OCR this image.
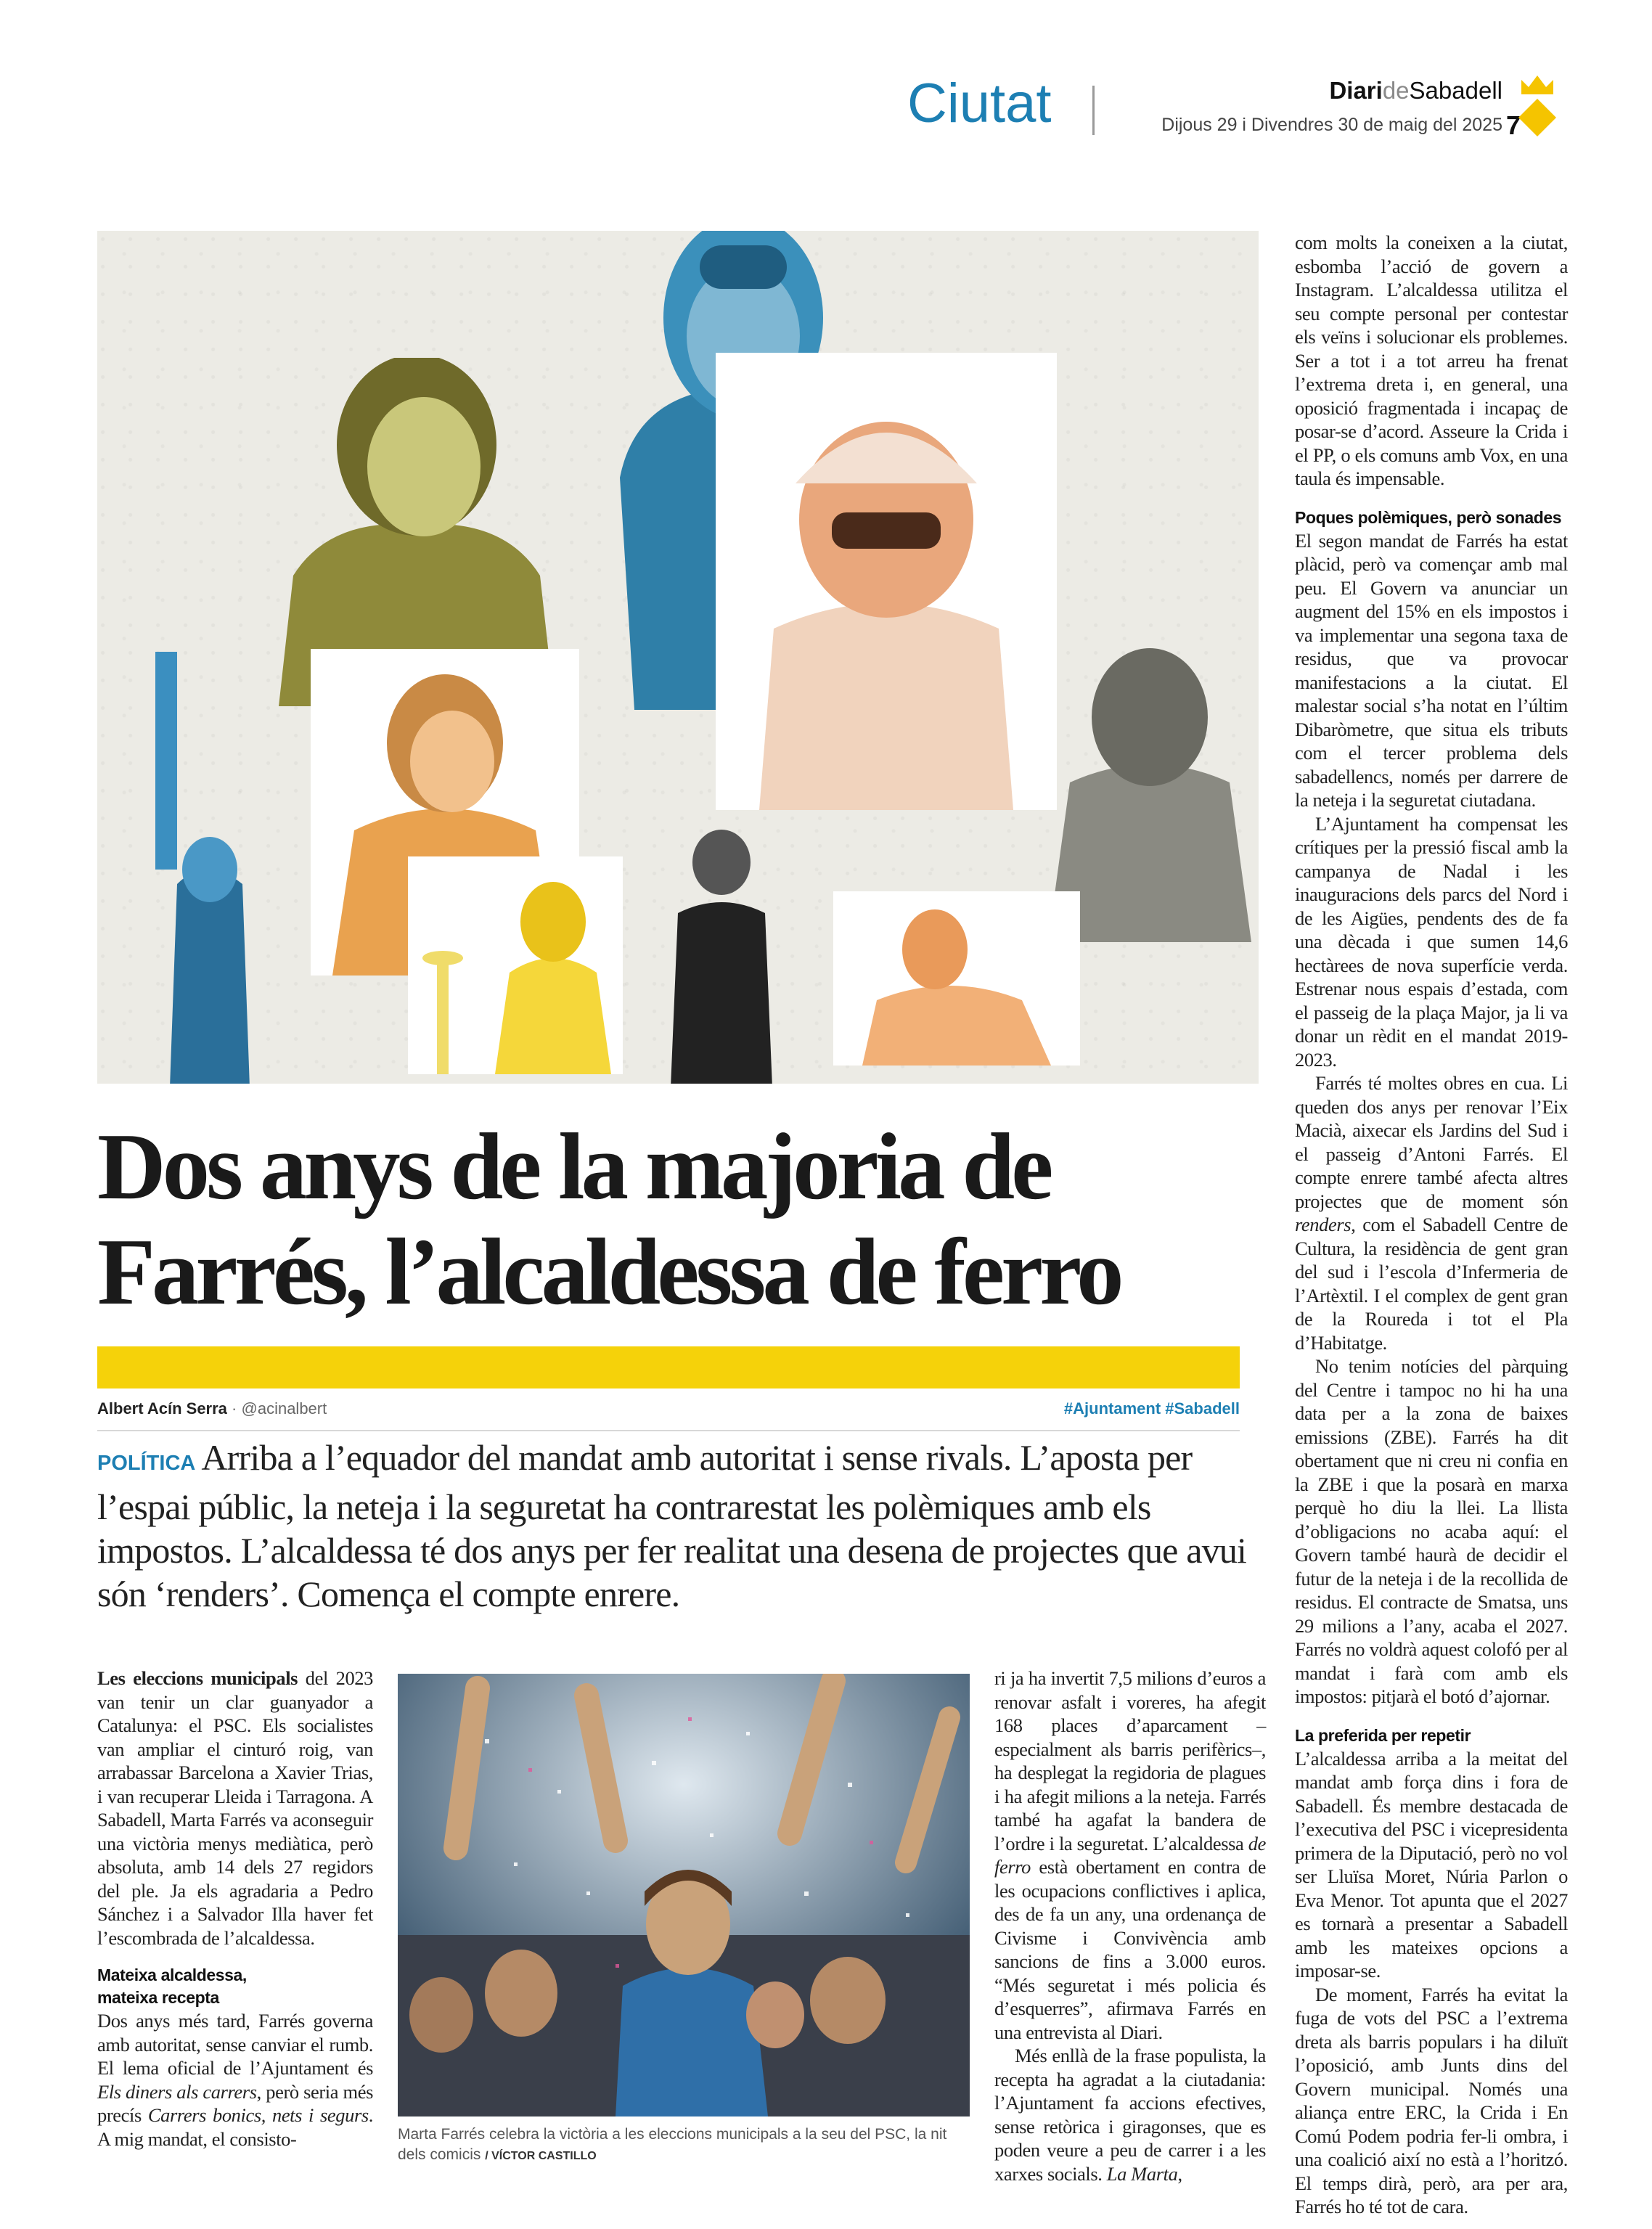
Ciutat	DiarideSabadell
Dijous 29 i Divendres 30 de maig del 2025 7
Dos anys de la majoria de Farrés, l’alcaldessa de ferro
Albert Acín Serra · @acinalbert	#Ajuntament #Sabadell

POLÍTICA Arriba a l’equador del mandat amb autoritat i sense rivals. L’aposta per l’espai públic, la neteja i la seguretat ha contrarestat les polèmiques amb els impostos. L’alcaldessa té dos anys per fer realitat una desena de projectes que avui són ‘renders’. Comença el compte enrere.

Les eleccions municipals del 2023 van tenir un clar guanyador a Catalunya: el PSC. Els socialistes van ampliar el cinturó roig, van arrabassar Barcelona a Xavier Trias, i van recuperar Lleida i Tarragona. A Sabadell, Marta Farrés va aconseguir una victòria menys mediàtica, però absoluta, amb 14 dels 27 regidors del ple. Ja els agradaria a Pedro Sánchez i a Salvador Illa haver fet l’escombrada de l’alcaldessa.

Mateixa alcaldessa,
mateixa recepta

Dos anys més tard, Farrés governa amb autoritat, sense canviar el rumb. El lema oficial de l’Ajuntament és Els diners als carrers, però seria més precís Carrers bonics, nets i segurs. A mig mandat, el consisto-	Marta Farrés celebra la victòria a les eleccions municipals a la seu del PSC, la nit dels comicis / VÍCTOR CASTILLO

ri ja ha invertit 7,5 milions d’euros a renovar asfalt i voreres, ha afegit 168 places d’aparcament –especialment als barris perifèrics–, ha desplegat la regidoria de plagues i ha afegit milions a la neteja. Farrés també ha agafat la bandera de l’ordre i la seguretat. L’alcaldessa de ferro està obertament en contra de les ocupacions conflictives i aplica, des de fa un any, una ordenança de Civisme i Convivència amb sancions de fins a 3.000 euros. “Més seguretat i més policia és d’esquerres”, afirmava Farrés en una entrevista al Diari.

Més enllà de la frase populista, la recepta ha agradat a la ciutadania: l’Ajuntament fa accions efectives, sense retòrica i giragonses, que es poden veure a peu de carrer i a les xarxes socials. La Marta,

com molts la coneixen a la ciutat, esbomba l’acció de govern a Instagram. L’alcaldessa utilitza el seu compte personal per contestar els veïns i solucionar els problemes. Ser a tot i a tot arreu ha frenat l’extrema dreta i, en general, una oposició fragmentada i incapaç de posar-se d’acord. Asseure la Crida i el PP, o els comuns amb Vox, en una taula és impensable.

Poques polèmiques, però sonades

El segon mandat de Farrés ha estat plàcid, però va començar amb mal peu. El Govern va anunciar un augment del 15% en els impostos i va implementar una segona taxa de residus, que va provocar manifestacions a la ciutat. El malestar social s’ha notat en l’últim Dibaròmetre, que situa els tributs com el tercer problema dels sabadellencs, només per darrere de la neteja i la seguretat ciutadana.

L’Ajuntament ha compensat les crítiques per la pressió fiscal amb la campanya de Nadal i les inauguracions dels parcs del Nord i de les Aigües, pendents des de fa una dècada i que sumen 14,6 hectàrees de nova superfície verda. Estrenar nous espais d’estada, com el passeig de la plaça Major, ja li va donar un rèdit en el mandat 2019-2023.

Farrés té moltes obres en cua. Li queden dos anys per renovar l’Eix Macià, aixecar els Jardins del Sud i el passeig d’Antoni Farrés. El compte enrere també afecta altres projectes que de moment són renders, com el Sabadell Centre de Cultura, la residència de gent gran del sud i l’escola d’Infermeria de l’Artèxtil. I el complex de gent gran de la Roureda i tot el Pla d’Habitatge.

No tenim notícies del pàrquing del Centre i tampoc no hi ha una data per a la zona de baixes emissions (ZBE). Farrés ha dit obertament que ni creu ni confia en la ZBE i que la posarà en marxa perquè ho diu la llei. La llista d’obligacions no acaba aquí: el Govern també haurà de decidir el futur de la neteja i de la recollida de residus. El contracte de Smatsa, uns 29 milions a l’any, acaba el 2027. Farrés no voldrà aquest colofó per al mandat i farà com amb els impostos: pitjarà el botó d’ajornar.

La preferida per repetir

L’alcaldessa arriba a la meitat del mandat amb força dins i fora de Sabadell. És membre destacada de l’executiva del PSC i vicepresidenta primera de la Diputació, però no vol ser Lluïsa Moret, Núria Parlon o Eva Menor. Tot apunta que el 2027 es tornarà a presentar a Sabadell amb les mateixes opcions a imposar-se.

De moment, Farrés ha evitat la fuga de vots del PSC a l’extrema dreta als barris populars i ha diluït l’oposició, amb Junts dins del Govern municipal. Només una aliança entre ERC, la Crida i En Comú Podem podria fer-li ombra, i una coalició així no està a l’horitzó. El temps dirà, però, ara per ara, Farrés ho té tot de cara.
